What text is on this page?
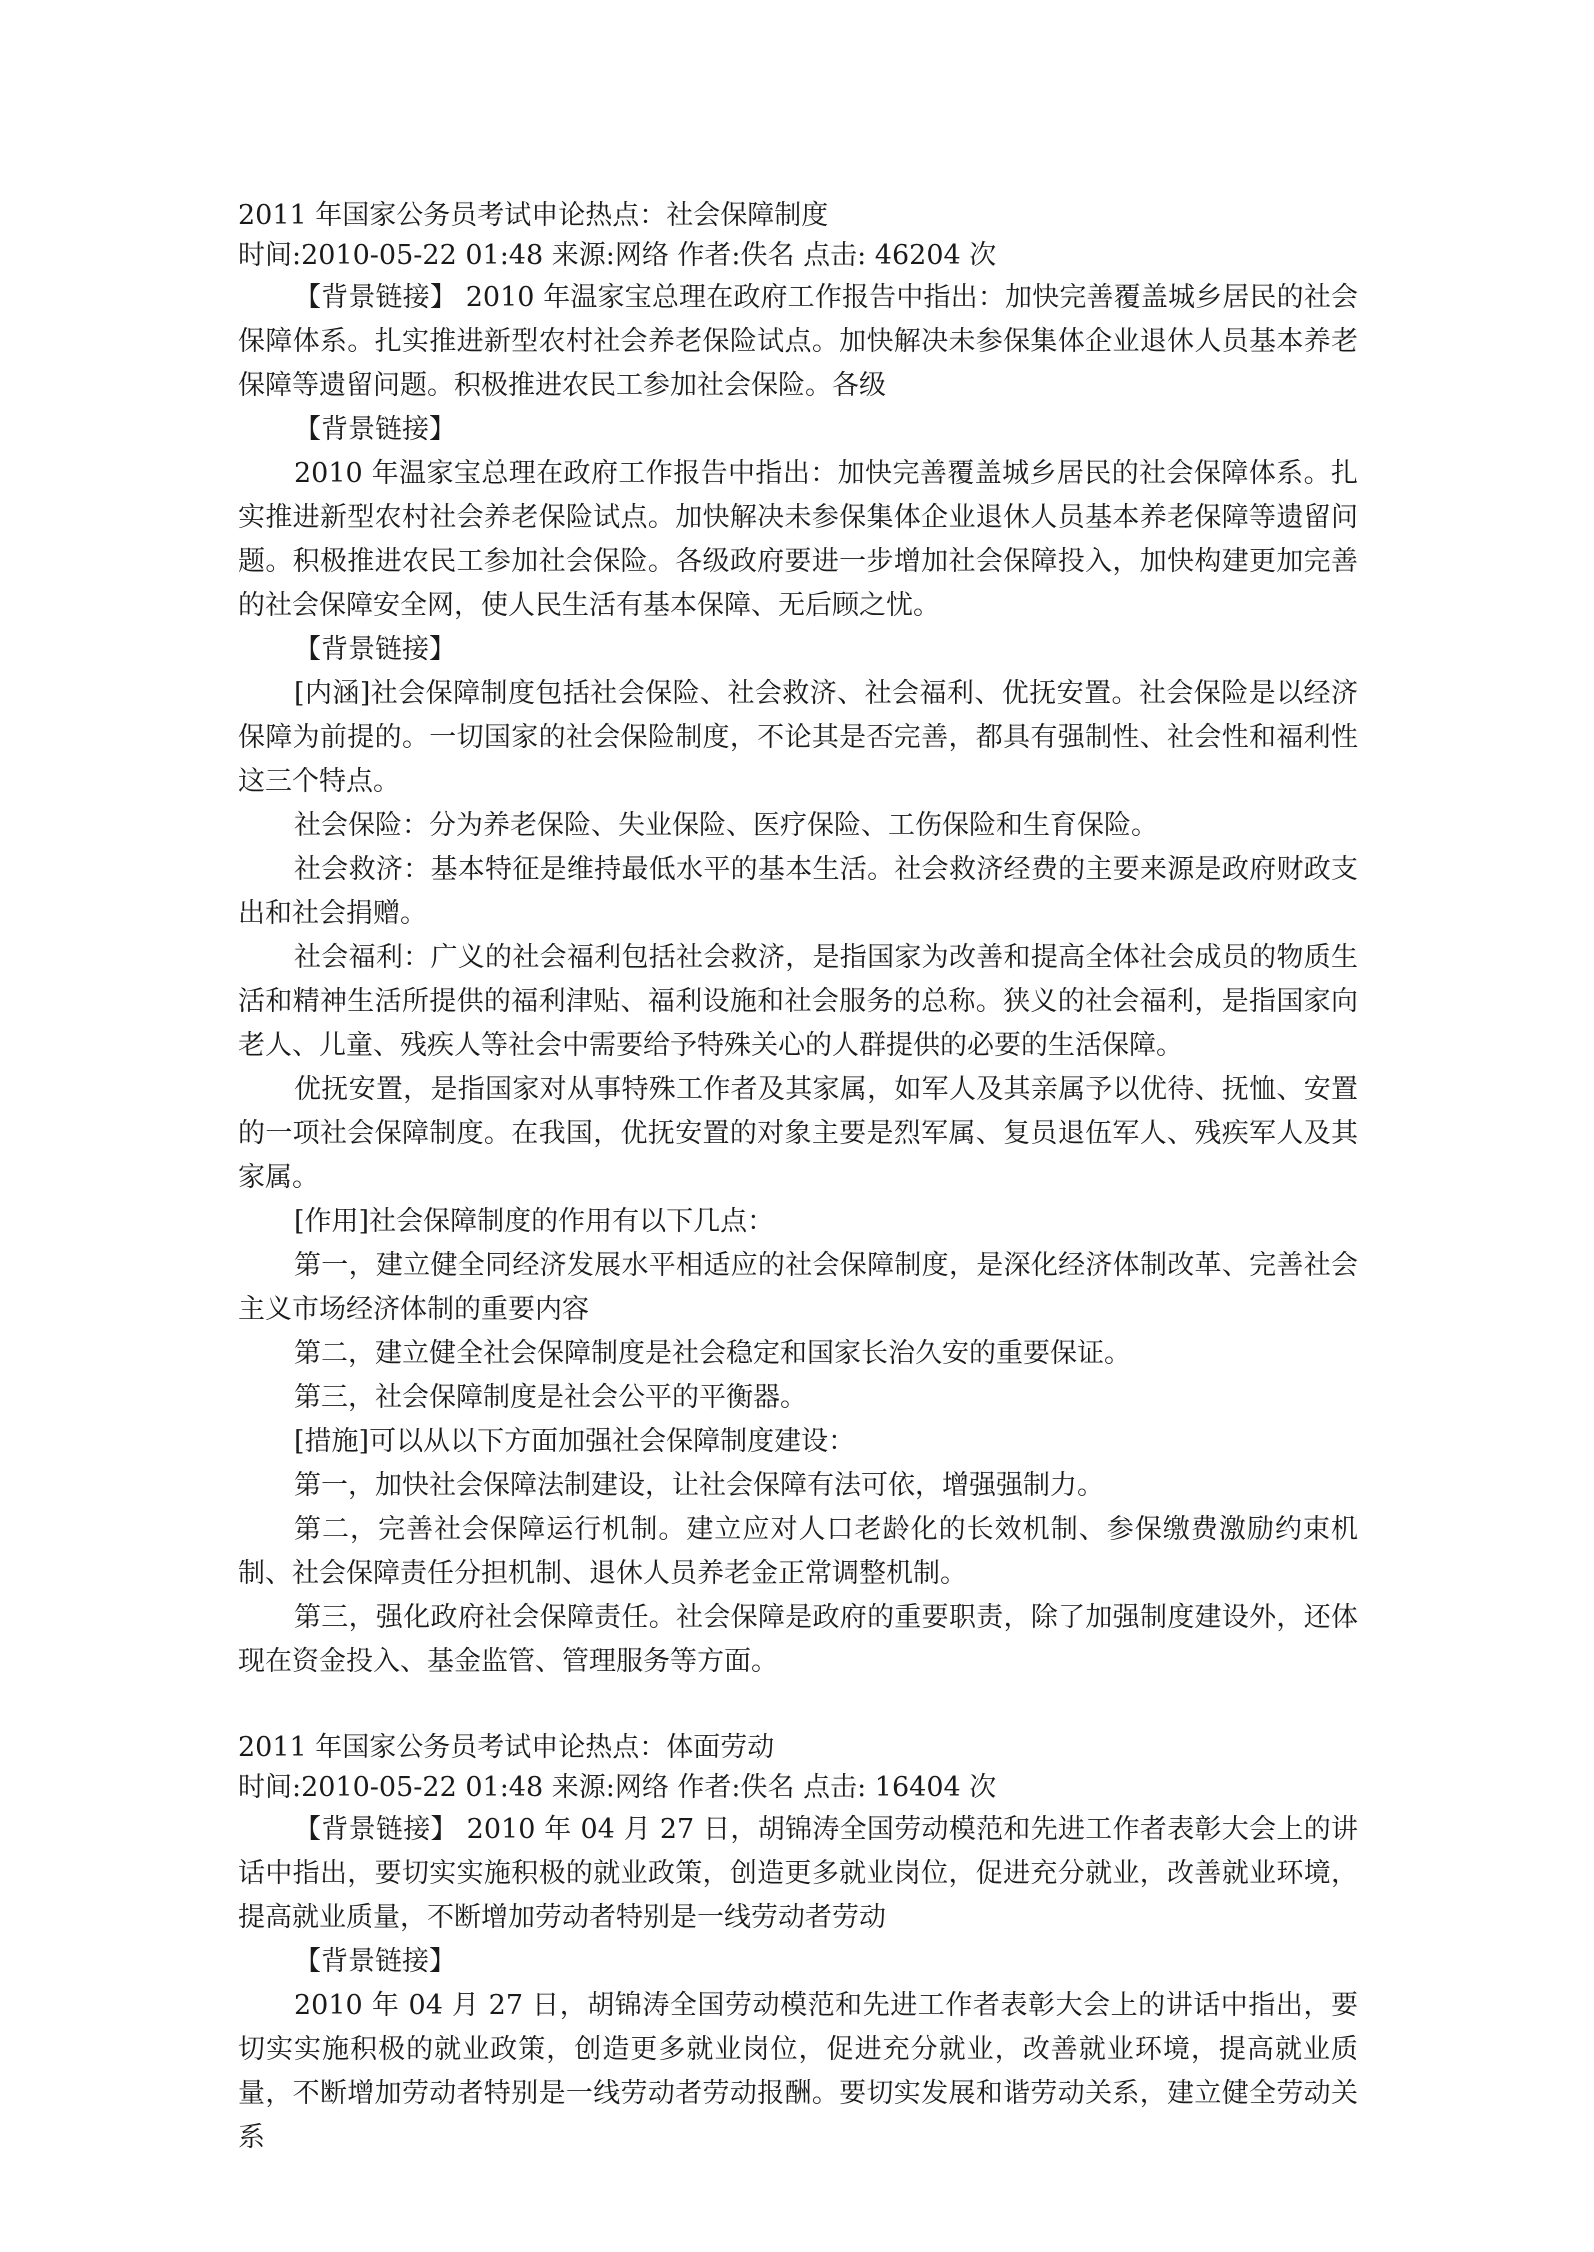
2011 年国家公务员考试申论热点：社会保障制度
时间:2010-05-22 01:48 来源:网络 作者:佚名 点击: 46204 次

【背景链接】 2010 年温家宝总理在政府工作报告中指出：加快完善覆盖城乡居民的社会保障体系。扎实推进新型农村社会养老保险试点。加快解决未参保集体企业退休人员基本养老保障等遗留问题。积极推进农民工参加社会保险。各级

【背景链接】

2010 年温家宝总理在政府工作报告中指出：加快完善覆盖城乡居民的社会保障体系。扎实推进新型农村社会养老保险试点。加快解决未参保集体企业退休人员基本养老保障等遗留问题。积极推进农民工参加社会保险。各级政府要进一步增加社会保障投入，加快构建更加完善的社会保障安全网，使人民生活有基本保障、无后顾之忧。

【背景链接】

[内涵]社会保障制度包括社会保险、社会救济、社会福利、优抚安置。社会保险是以经济保障为前提的。一切国家的社会保险制度，不论其是否完善，都具有强制性、社会性和福利性这三个特点。

社会保险：分为养老保险、失业保险、医疗保险、工伤保险和生育保险。

社会救济：基本特征是维持最低水平的基本生活。社会救济经费的主要来源是政府财政支出和社会捐赠。

社会福利：广义的社会福利包括社会救济，是指国家为改善和提高全体社会成员的物质生活和精神生活所提供的福利津贴、福利设施和社会服务的总称。狭义的社会福利，是指国家向老人、儿童、残疾人等社会中需要给予特殊关心的人群提供的必要的生活保障。

优抚安置，是指国家对从事特殊工作者及其家属，如军人及其亲属予以优待、抚恤、安置的一项社会保障制度。在我国，优抚安置的对象主要是烈军属、复员退伍军人、残疾军人及其家属。

[作用]社会保障制度的作用有以下几点：

第一，建立健全同经济发展水平相适应的社会保障制度，是深化经济体制改革、完善社会主义市场经济体制的重要内容

第二，建立健全社会保障制度是社会稳定和国家长治久安的重要保证。

第三，社会保障制度是社会公平的平衡器。

[措施]可以从以下方面加强社会保障制度建设：

第一，加快社会保障法制建设，让社会保障有法可依，增强强制力。

第二，完善社会保障运行机制。建立应对人口老龄化的长效机制、参保缴费激励约束机制、社会保障责任分担机制、退休人员养老金正常调整机制。

第三，强化政府社会保障责任。社会保障是政府的重要职责，除了加强制度建设外，还体现在资金投入、基金监管、管理服务等方面。

2011 年国家公务员考试申论热点：体面劳动
时间:2010-05-22 01:48 来源:网络 作者:佚名 点击: 16404 次

【背景链接】 2010 年 04 月 27 日，胡锦涛全国劳动模范和先进工作者表彰大会上的讲话中指出，要切实实施积极的就业政策，创造更多就业岗位，促进充分就业，改善就业环境，提高就业质量，不断增加劳动者特别是一线劳动者劳动

【背景链接】

2010 年 04 月 27 日，胡锦涛全国劳动模范和先进工作者表彰大会上的讲话中指出，要切实实施积极的就业政策，创造更多就业岗位，促进充分就业，改善就业环境，提高就业质量，不断增加劳动者特别是一线劳动者劳动报酬。要切实发展和谐劳动关系，建立健全劳动关系
